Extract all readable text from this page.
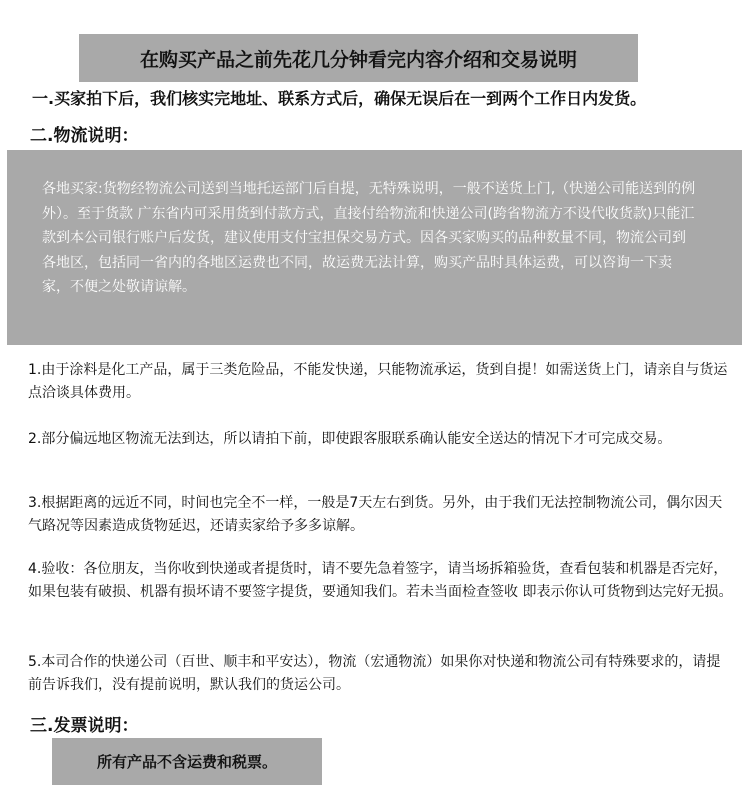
在购买产品之前先花几分钟看完内容介绍和交易说明
一.买家拍下后，我们核实完地址、联系方式后，确保无误后在一到两个工作日内发货。
二.物流说明：

各地买家:货物经物流公司送到当地托运部门后自提，无特殊说明，一般不送货上门,（快递公司能送到的例外）。至于货款 广东省内可采用货到付款方式，直接付给物流和快递公司(跨省物流方不设代收货款)只能汇款到本公司银行账户后发货，建议使用支付宝担保交易方式。因各买家购买的品种数量不同，物流公司到各地区，包括同一省内的各地区运费也不同，故运费无法计算，购买产品时具体运费，可以咨询一下卖家，不便之处敬请谅解。

1.由于涂料是化工产品，属于三类危险品，不能发快递，只能物流承运，货到自提！如需送货上门，请亲自与货运点洽谈具体费用。

2.部分偏远地区物流无法到达，所以请拍下前，即使跟客服联系确认能安全送达的情况下才可完成交易。

3.根据距离的远近不同，时间也完全不一样，一般是7天左右到货。另外，由于我们无法控制物流公司，偶尔因天气路况等因素造成货物延迟，还请卖家给予多多谅解。

4.验收：各位朋友，当你收到快递或者提货时，请不要先急着签字，请当场拆箱验货，查看包装和机器是否完好，如果包装有破损、机器有损坏请不要签字提货，要通知我们。若未当面检查签收 即表示你认可货物到达完好无损。

5.本司合作的快递公司（百世、顺丰和平安达），物流（宏通物流）如果你对快递和物流公司有特殊要求的，请提前告诉我们，没有提前说明，默认我们的货运公司。

三.发票说明：
所有产品不含运费和税票。
